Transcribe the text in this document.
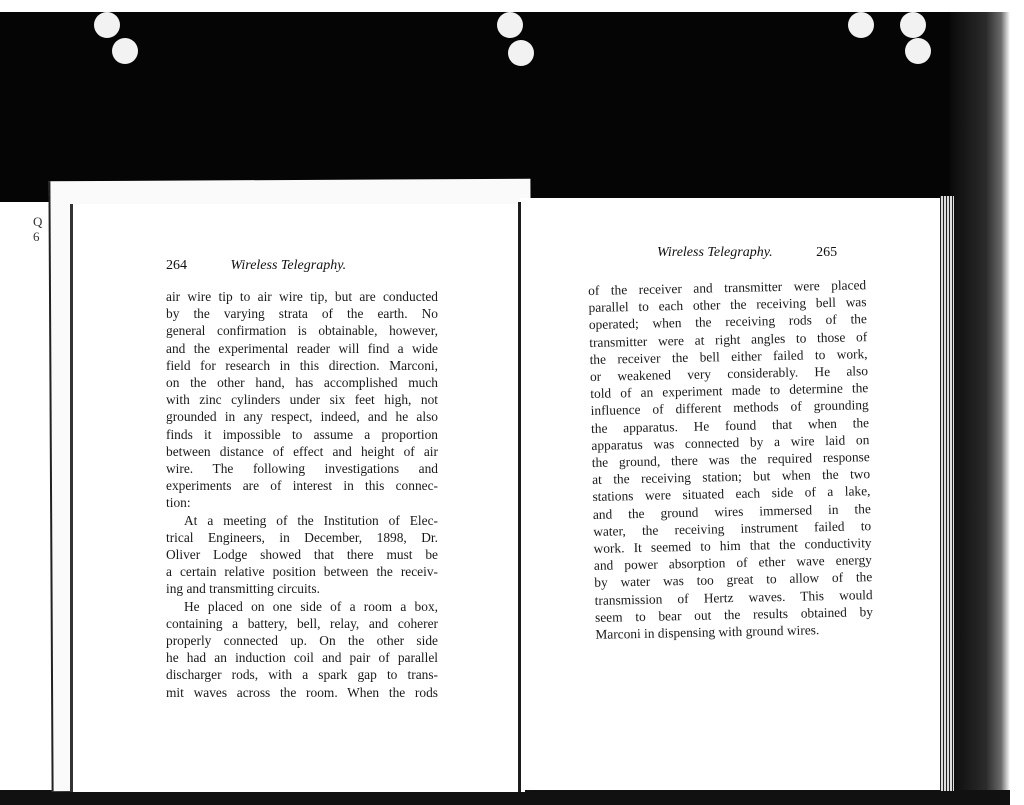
Q
6
264	Wireless Telegraphy.
air wire tip to air wire tip, but are conducted
by the varying strata of the earth. No
general confirmation is obtainable, however,
and the experimental reader will find a wide
field for research in this direction. Marconi,
on the other hand, has accomplished much
with zinc cylinders under six feet high, not
grounded in any respect, indeed, and he also
finds it impossible to assume a proportion
between distance of effect and height of air
wire. The following investigations and
experiments are of interest in this connec-
tion:
At a meeting of the Institution of Elec-
trical Engineers, in December, 1898, Dr.
Oliver Lodge showed that there must be
a certain relative position between the receiv-
ing and transmitting circuits.
He placed on one side of a room a box,
containing a battery, bell, relay, and coherer
properly connected up. On the other side
he had an induction coil and pair of parallel
discharger rods, with a spark gap to trans-
mit waves across the room. When the rods
Wireless Telegraphy.	265
of the receiver and transmitter were placed
parallel to each other the receiving bell was
operated; when the receiving rods of the
transmitter were at right angles to those of
the receiver the bell either failed to work,
or weakened very considerably. He also
told of an experiment made to determine the
influence of different methods of grounding
the apparatus. He found that when the
apparatus was connected by a wire laid on
the ground, there was the required response
at the receiving station; but when the two
stations were situated each side of a lake,
and the ground wires immersed in the
water, the receiving instrument failed to
work. It seemed to him that the conductivity
and power absorption of ether wave energy
by water was too great to allow of the
transmission of Hertz waves. This would
seem to bear out the results obtained by
Marconi in dispensing with ground wires.
